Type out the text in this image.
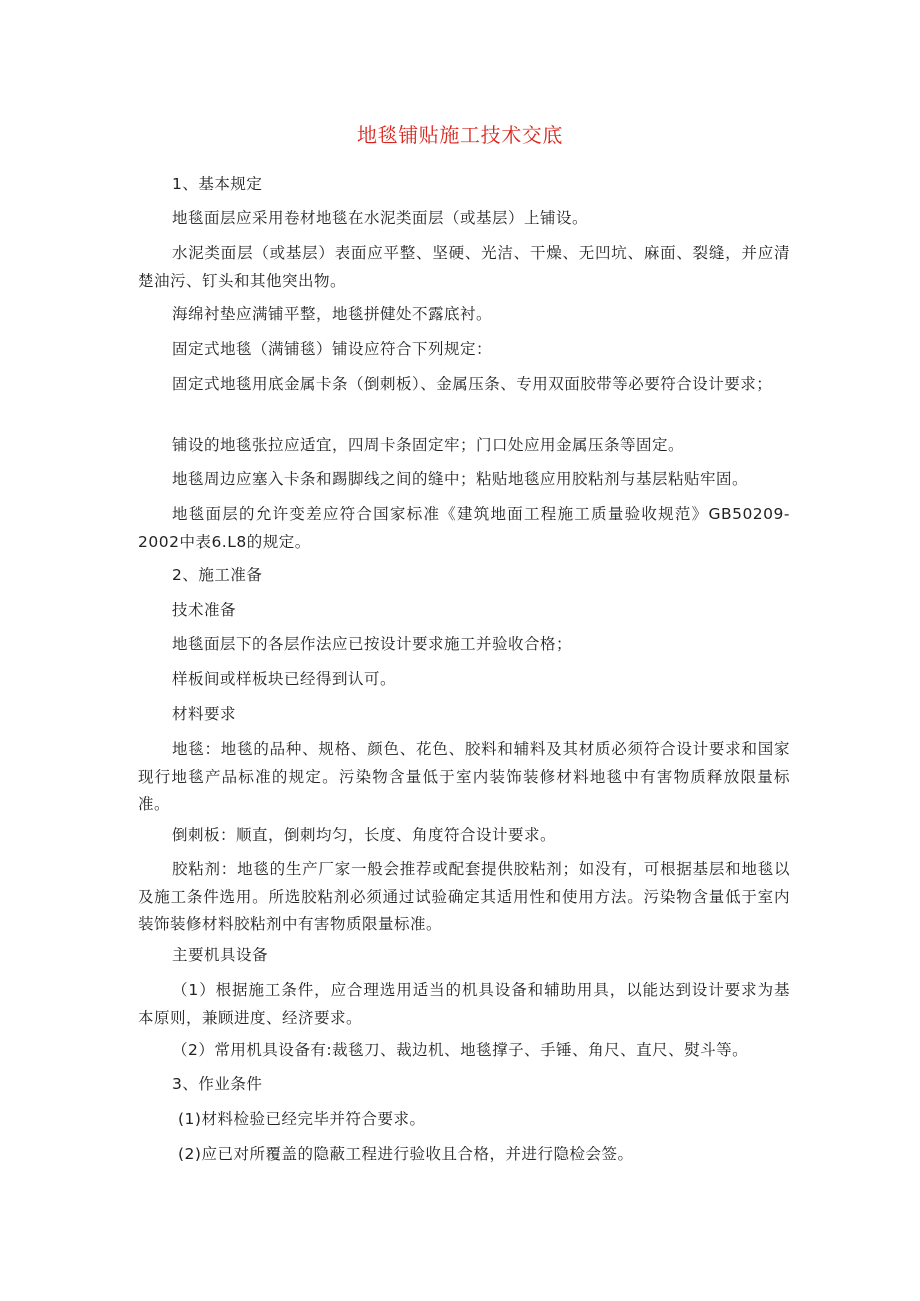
地毯铺贴施工技术交底

1、基本规定

地毯面层应采用卷材地毯在水泥类面层（或基层）上铺设。

水泥类面层（或基层）表面应平整、坚硬、光洁、干燥、无凹坑、麻面、裂缝，并应清楚油污、钉头和其他突出物。

海绵衬垫应满铺平整，地毯拼健处不露底衬。

固定式地毯（满铺毯）铺设应符合下列规定：

固定式地毯用底金属卡条（倒刺板）、金属压条、专用双面胶带等必要符合设计要求；

铺设的地毯张拉应适宜，四周卡条固定牢；门口处应用金属压条等固定。

地毯周边应塞入卡条和踢脚线之间的缝中；粘贴地毯应用胶粘剂与基层粘贴牢固。

地毯面层的允许变差应符合国家标准《建筑地面工程施工质量验收规范》GB50209-2002中表6.L8的规定。

2、施工准备

技术准备

地毯面层下的各层作法应已按设计要求施工并验收合格；

样板间或样板块已经得到认可。

材料要求

地毯：地毯的品种、规格、颜色、花色、胶料和辅料及其材质必须符合设计要求和国家现行地毯产品标准的规定。污染物含量低于室内装饰装修材料地毯中有害物质释放限量标准。

倒刺板：顺直，倒刺均匀，长度、角度符合设计要求。

胶粘剂：地毯的生产厂家一般会推荐或配套提供胶粘剂；如没有，可根据基层和地毯以及施工条件选用。所选胶粘剂必须通过试验确定其适用性和使用方法。污染物含量低于室内装饰装修材料胶粘剂中有害物质限量标准。

主要机具设备

（1）根据施工条件，应合理选用适当的机具设备和辅助用具，以能达到设计要求为基本原则，兼顾进度、经济要求。

（2）常用机具设备有:裁毯刀、裁边机、地毯撑子、手锤、角尺、直尺、熨斗等。

3、作业条件

(1)材料检验已经完毕并符合要求。

(2)应已对所覆盖的隐蔽工程进行验收且合格，并进行隐检会签。
